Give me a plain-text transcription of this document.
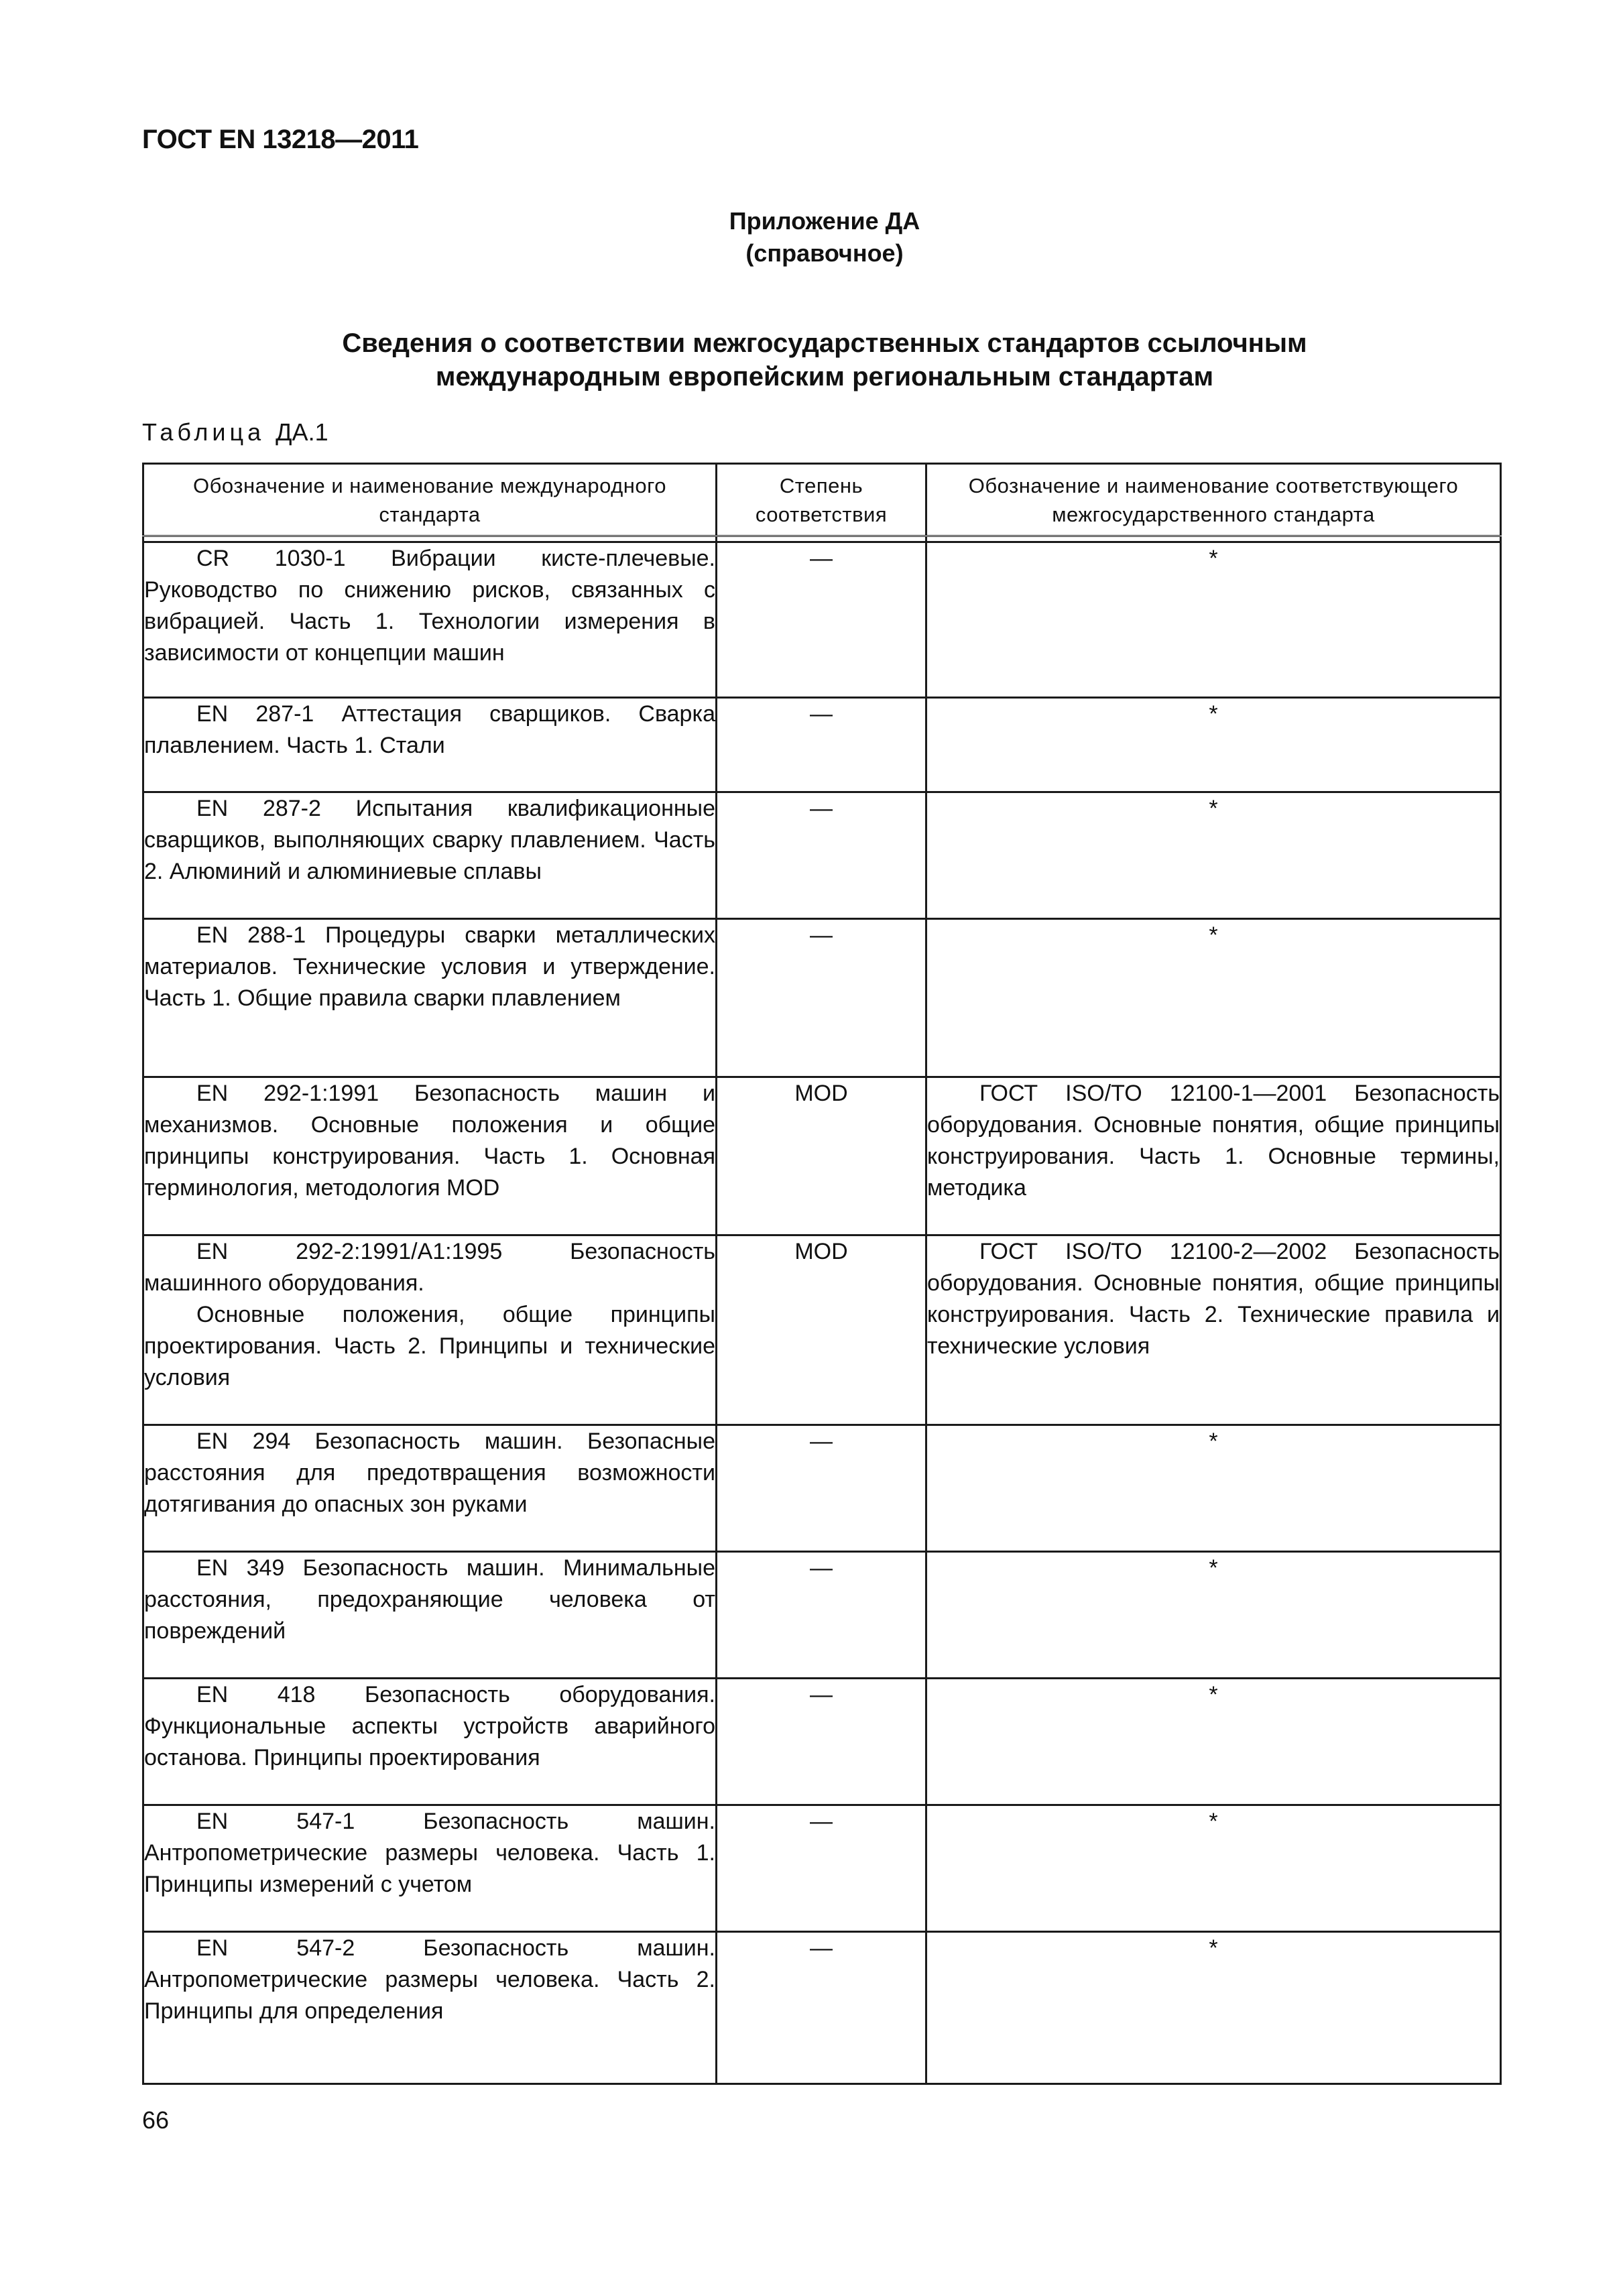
ГОСТ EN 13218—2011
Приложение ДА
(справочное)
Сведения о соответствии межгосударственных стандартов ссылочным
международным европейским региональным стандартам
Таблица ДА.1
Обозначение и наименование международного стандарта	Степень соответствия	Обозначение и наименование соответствующего межгосударственного стандарта

CR 1030-1 Вибрации кисте-плечевые. Руководство по снижению рисков, связанных с вибрацией. Часть 1. Технологии измерения в зависимости от концепции машин	—	*
EN 287-1 Аттестация сварщиков. Сварка плавлением. Часть 1. Стали	—	*
EN 287-2 Испытания квалификационные сварщиков, выполняющих сварку плавлением. Часть 2. Алюминий и алюминиевые сплавы	—	*
EN 288-1 Процедуры сварки металлических материалов. Технические условия и утверждение. Часть 1. Общие правила сварки плавлением	—	*
EN 292-1:1991 Безопасность машин и механизмов. Основные положения и общие принципы конструирования. Часть 1. Основная терминология, методология MOD	MOD	ГОСТ ISO/TO 12100-1—2001 Безопасность оборудования. Основные понятия, общие принципы конструирования. Часть 1. Основные термины, методика

EN 292-2:1991/A1:1995 Безопасность машинного оборудования.
Основные положения, общие принципы проектирования. Часть 2. Принципы и технические условия	MOD	ГОСТ ISO/TO 12100-2—2002 Безопасность оборудования. Основные понятия, общие принципы конструирования. Часть 2. Технические правила и технические условия
EN 294 Безопасность машин. Безопасные расстояния для предотвращения возможности дотягивания до опасных зон руками	—	*
EN 349 Безопасность машин. Минимальные расстояния, предохраняющие человека от повреждений	—	*
EN 418 Безопасность оборудования. Функциональные аспекты устройств аварийного останова. Принципы проектирования	—	*
EN 547-1 Безопасность машин. Антропометрические размеры человека. Часть 1. Принципы измерений с учетом	—	*
EN 547-2 Безопасность машин. Антропометрические размеры человека. Часть 2. Принципы для определения	—	*
66
